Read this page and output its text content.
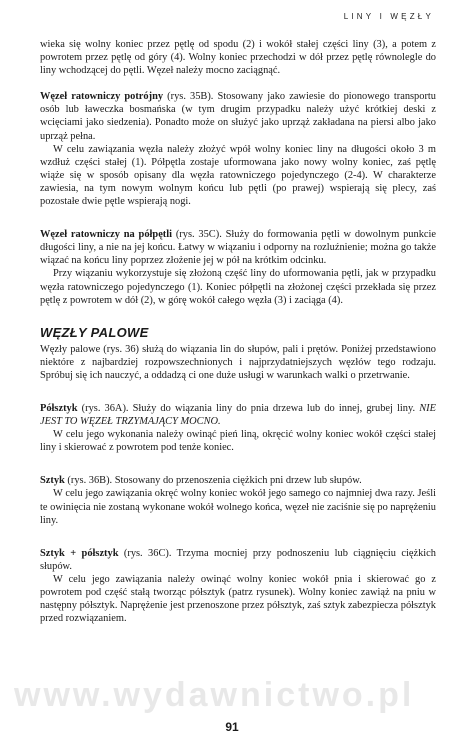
LINY I WĘZŁY

wieka się wolny koniec przez pętlę od spodu (2) i wokół stałej części liny (3), a potem z powrotem przez pętlę od góry (4). Wolny koniec przechodzi w dół przez pętlę równolegle do liny wchodzącej do pętli. Węzeł należy mocno zaciągnąć.

Węzeł ratowniczy potrójny (rys. 35B). Stosowany jako zawiesie do pionowego transportu osób lub ławeczka bosmańska (w tym drugim przypadku należy użyć krótkiej deski z wcięciami jako siedzenia). Ponadto może on służyć jako uprząż zakładana na piersi albo jako uprząż pełna.

W celu zawiązania węzła należy złożyć wpół wolny koniec liny na długości około 3 m wzdłuż części stałej (1). Półpętla zostaje uformowana jako nowy wolny koniec, zaś pętlę wiąże się w sposób opisany dla węzła ratowniczego pojedynczego (2-4). W charakterze zawiesia, na tym nowym wolnym końcu lub pętli (po prawej) wspierają się plecy, zaś pozostałe dwie pętle wspierają nogi.

Węzeł ratowniczy na półpętli (rys. 35C). Służy do formowania pętli w dowolnym punkcie długości liny, a nie na jej końcu. Łatwy w wiązaniu i odporny na rozluźnienie; można go także wiązać na końcu liny poprzez złożenie jej w pół na krótkim odcinku.

Przy wiązaniu wykorzystuje się złożoną część liny do uformowania pętli, jak w przypadku węzła ratowniczego pojedynczego (1). Koniec półpętli na złożonej części przekłada się przez pętlę z powrotem w dół (2), w górę wokół całego węzła (3) i zaciąga (4).

WĘZŁY PALOWE

Węzły palowe (rys. 36) służą do wiązania lin do słupów, pali i prętów. Poniżej przedstawiono niektóre z najbardziej rozpowszechnionych i najprzydatniejszych węzłów tego rodzaju. Spróbuj się ich nauczyć, a oddadzą ci one duże usługi w warunkach walki o przetrwanie.

Półsztyk (rys. 36A). Służy do wiązania liny do pnia drzewa lub do innej, grubej liny. NIE JEST TO WĘZEŁ TRZYMAJĄCY MOCNO.

W celu jego wykonania należy owinąć pień liną, okręcić wolny koniec wokół części stałej liny i skierować z powrotem pod tenże koniec.

Sztyk (rys. 36B). Stosowany do przenoszenia ciężkich pni drzew lub słupów.

W celu jego zawiązania okręć wolny koniec wokół jego samego co najmniej dwa razy. Jeśli te owinięcia nie zostaną wykonane wokół wolnego końca, węzeł nie zaciśnie się po naprężeniu liny.

Sztyk + półsztyk (rys. 36C). Trzyma mocniej przy podnoszeniu lub ciągnięciu ciężkich słupów.

W celu jego zawiązania należy owinąć wolny koniec wokół pnia i skierować go z powrotem pod część stałą tworząc półsztyk (patrz rysunek). Wolny koniec zawiąż na pniu w następny półsztyk. Naprężenie jest przenoszone przez półsztyk, zaś sztyk zabezpiecza półsztyk przed rozwiązaniem.

www.wydawnictwo.pl
91
